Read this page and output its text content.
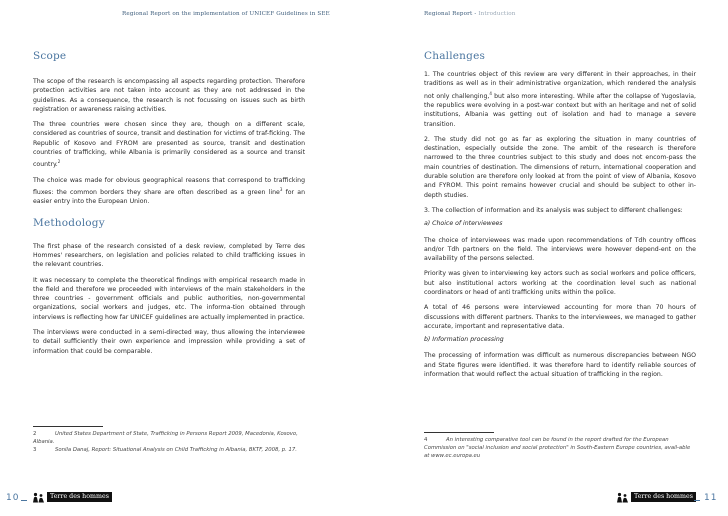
Regional Report on the implementation of UNICEF Guidelines in SEE
Scope

The scope of the research is encompassing all aspects regarding protection. Therefore protection activities are not taken into account as they are not addressed in the guidelines. As a consequence, the research is not focussing on issues such as birth registration or awareness raising activities.

The three countries were chosen since they are, though on a different scale, considered as countries of source, transit and destination for victims of traf-ficking. The Republic of Kosovo and FYROM are presented as source, transit and destination countries of trafficking, while Albania is primarily considered as a source and transit country.$^2$

The choice was made for obvious geographical reasons that correspond to trafficking fluxes: the common borders they share are often described as a green line$^3$ for an easier entry into the European Union.

Methodology

The first phase of the research consisted of a desk review, completed by Terre des Hommes' researchers, on legislation and policies related to child trafficking issues in the relevant countries.

It was necessary to complete the theoretical findings with empirical research made in the field and therefore we proceeded with interviews of the main stakeholders in the three countries - government officials and public authorities, non-governmental organizations, social workers and judges, etc. The informa-tion obtained through interviews is reflecting how far UNICEF guidelines are actually implemented in practice.

The interviews were conducted in a semi-directed way, thus allowing the interviewee to detail sufficiently their own experience and impression while providing a set of information that could be comparable.

2	United States Department of State, Trafficking in Persons Report 2009, Macedonia, Kosovo, Albania.
3	Sonila Danaj, Report: Situational Analysis on Child Trafficking in Albania, BKTF, 2008, p. 17.
10	Terre des hommes
Regional Report - Introduction
Challenges

1. The countries object of this review are very different in their approaches, in their traditions as well as in their administrative organization, which rendered the analysis not only challenging,$^4$ but also more interesting. While after the collapse of Yugoslavia, the republics were evolving in a post-war context but with an heritage and net of solid institutions, Albania was getting out of isolation and had to manage a severe transition.

2. The study did not go as far as exploring the situation in many countries of destination, especially outside the zone. The ambit of the research is therefore narrowed to the three countries subject to this study and does not encom-pass the main countries of destination. The dimensions of return, international cooperation and durable solution are therefore only looked at from the point of view of Albania, Kosovo and FYROM. This point remains however crucial and should be subject to other in-depth studies.

3. The collection of information and its analysis was subject to different challenges:

a) Choice of interviewees

The choice of interviewees was made upon recommendations of Tdh country offices and/or Tdh partners on the field. The interviews were however depend-ent on the availability of the persons selected.

Priority was given to interviewing key actors such as social workers and police officers, but also institutional actors working at the coordination level such as national coordinators or head of anti trafficking units within the police.

A total of 46 persons were interviewed accounting for more than 70 hours of discussions with different partners. Thanks to the interviewees, we managed to gather accurate, important and representative data.

b) Information processing

The processing of information was difficult as numerous discrepancies between NGO and State figures were identified. It was therefore hard to identify reliable sources of information that would reflect the actual situation of trafficking in the region.

4	An interesting comparative tool can be found in the report drafted for the European Commission on "social inclusion and social protection" in South-Eastern Europe countries, avail-able at www.ec.europa.eu
Terre des hommes	11
